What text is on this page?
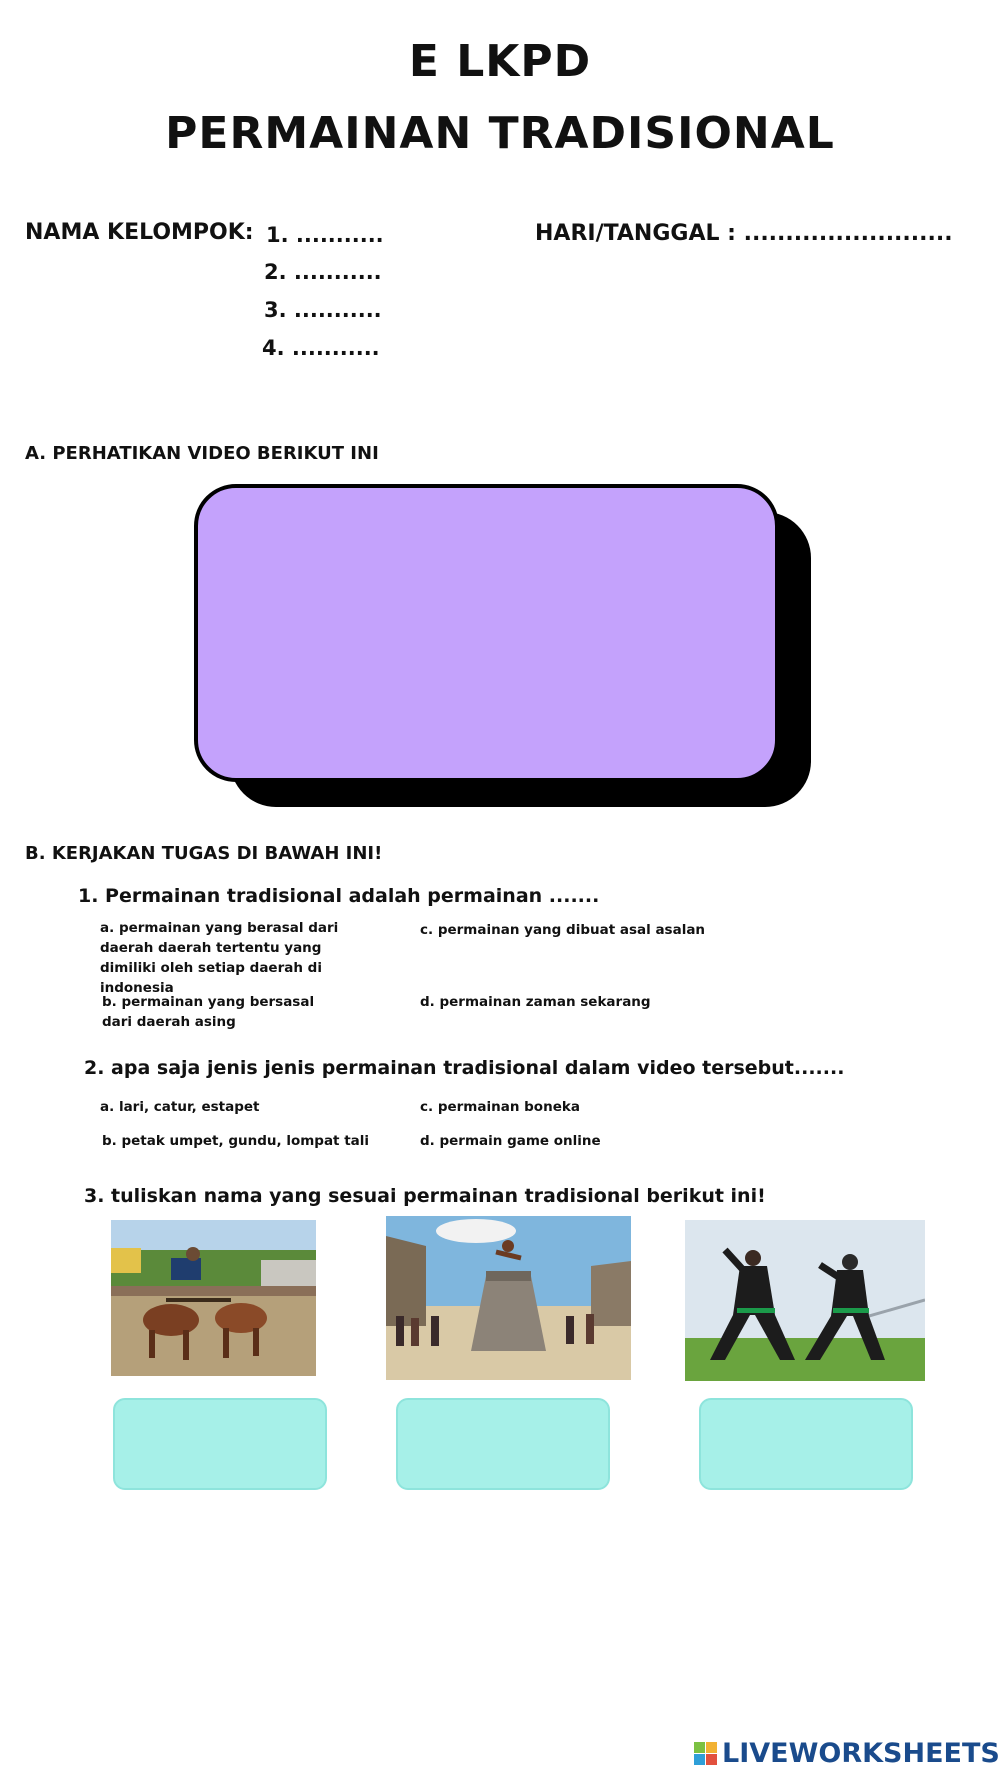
E LKPD
PERMAINAN TRADISIONAL
NAMA KELOMPOK: 1. ...........
2. ...........
3. ...........
4. ...........
HARI/TANGGAL : .........................
A. PERHATIKAN VIDEO BERIKUT INI
B. KERJAKAN TUGAS DI BAWAH INI!
1. Permainan tradisional adalah permainan .......
a. permainan yang berasal dari daerah daerah tertentu yang dimiliki oleh setiap daerah di indonesia
c. permainan yang dibuat asal asalan
b. permainan yang bersasal dari daerah asing
d. permainan zaman sekarang
2. apa saja jenis jenis permainan tradisional dalam video tersebut.......
a. lari, catur, estapet	c. permainan boneka
b. petak umpet, gundu, lompat tali	d. permain game online
3. tuliskan nama yang sesuai permainan tradisional berikut ini!
LIVEWORKSHEETS
